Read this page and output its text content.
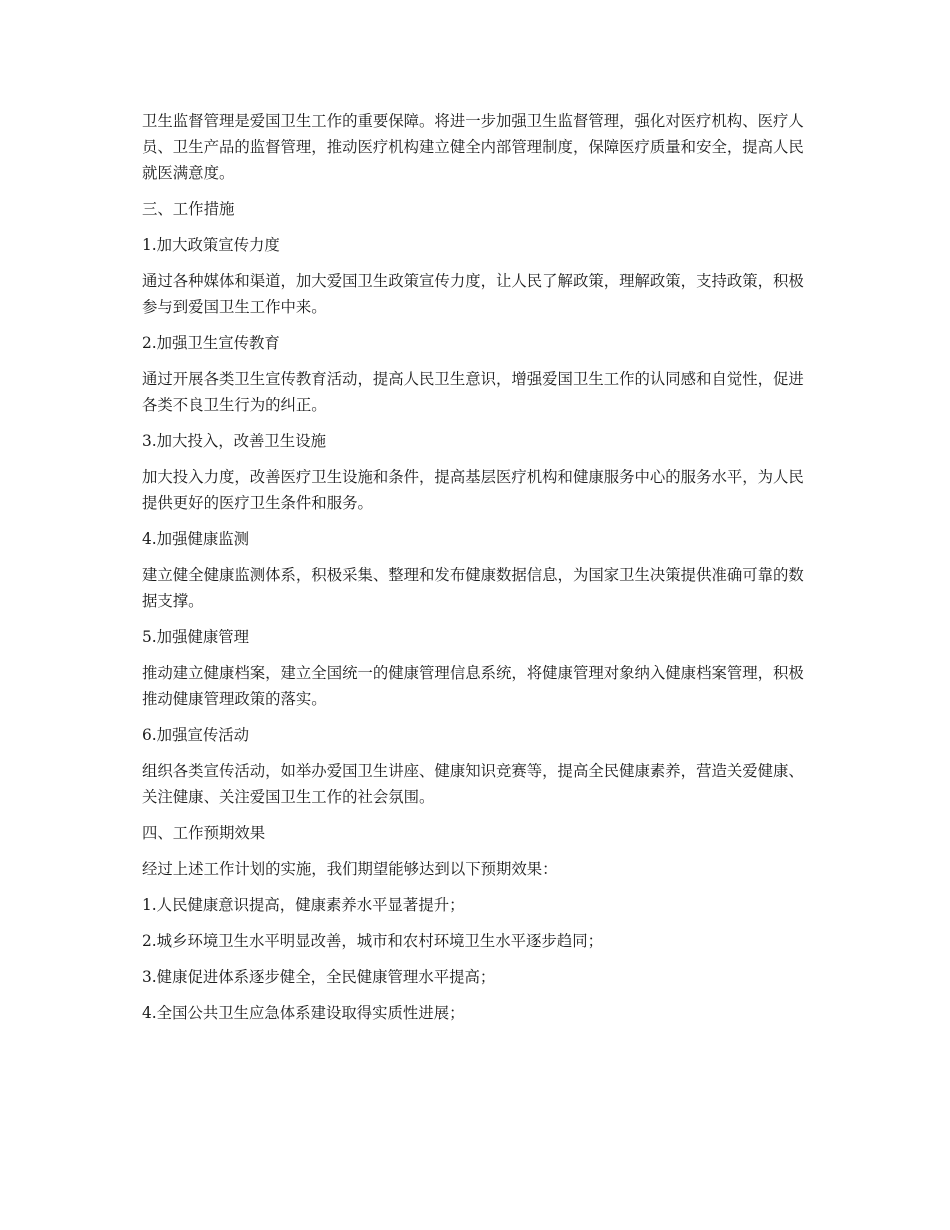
卫生监督管理是爱国卫生工作的重要保障。将进一步加强卫生监督管理，强化对医疗机构、医疗人员、卫生产品的监督管理，推动医疗机构建立健全内部管理制度，保障医疗质量和安全，提高人民就医满意度。

三、工作措施

1.加大政策宣传力度

通过各种媒体和渠道，加大爱国卫生政策宣传力度，让人民了解政策，理解政策，支持政策，积极参与到爱国卫生工作中来。

2.加强卫生宣传教育

通过开展各类卫生宣传教育活动，提高人民卫生意识，增强爱国卫生工作的认同感和自觉性，促进各类不良卫生行为的纠正。

3.加大投入，改善卫生设施

加大投入力度，改善医疗卫生设施和条件，提高基层医疗机构和健康服务中心的服务水平，为人民提供更好的医疗卫生条件和服务。

4.加强健康监测

建立健全健康监测体系，积极采集、整理和发布健康数据信息，为国家卫生决策提供准确可靠的数据支撑。

5.加强健康管理

推动建立健康档案，建立全国统一的健康管理信息系统，将健康管理对象纳入健康档案管理，积极推动健康管理政策的落实。

6.加强宣传活动

组织各类宣传活动，如举办爱国卫生讲座、健康知识竞赛等，提高全民健康素养，营造关爱健康、关注健康、关注爱国卫生工作的社会氛围。

四、工作预期效果

经过上述工作计划的实施，我们期望能够达到以下预期效果：

1.人民健康意识提高，健康素养水平显著提升；

2.城乡环境卫生水平明显改善，城市和农村环境卫生水平逐步趋同；

3.健康促进体系逐步健全，全民健康管理水平提高；

4.全国公共卫生应急体系建设取得实质性进展；
